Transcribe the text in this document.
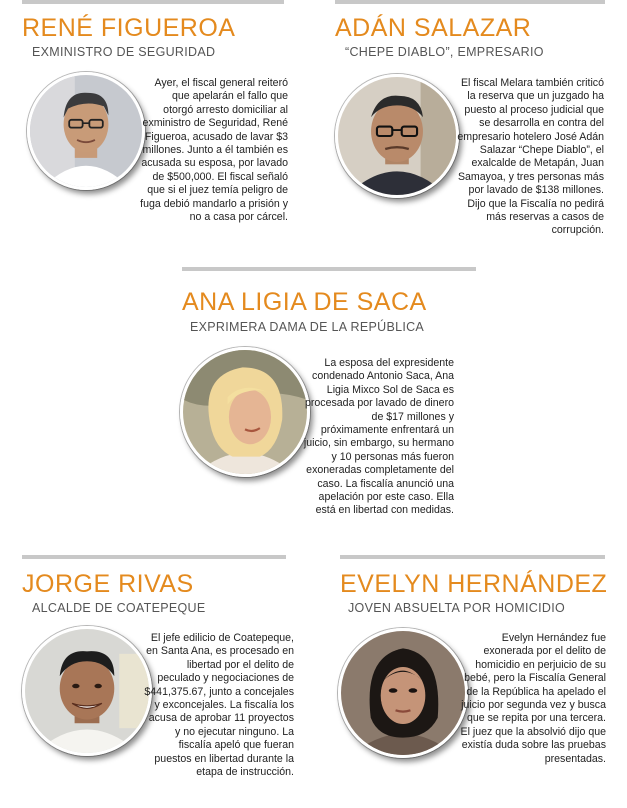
RENÉ FIGUEROA
EXMINISTRO DE SEGURIDAD
Ayer, el fiscal general reiteró que apelarán el fallo que otorgó arresto domiciliar al exministro de Seguridad, René Figueroa, acusado de lavar $3 millones. Junto a él también es acusada su esposa, por lavado de $500,000. El fiscal señaló que si el juez temía peligro de fuga debió mandarlo a prisión y no a casa por cárcel.
ADÁN SALAZAR
“CHEPE DIABLO”, EMPRESARIO
El fiscal Melara también criticó la reserva que un juzgado ha puesto al proceso judicial que se desarrolla en contra del empresario hotelero José Adán Salazar “Chepe Diablo”, el exalcalde de Metapán, Juan Samayoa, y tres personas más por lavado de $138 millones. Dijo que la Fiscalía no pedirá más reservas a casos de corrupción.
ANA LIGIA DE SACA
EXPRIMERA DAMA DE LA REPÚBLICA
La esposa del expresidente condenado Antonio Saca, Ana Ligia Mixco Sol de Saca es procesada por lavado de dinero de $17 millones y próximamente enfrentará un juicio, sin embargo, su hermano y 10 personas más fueron exoneradas completamente del caso. La fiscalía anunció una apelación por este caso. Ella está en libertad con medidas.
JORGE RIVAS
ALCALDE DE COATEPEQUE
El jefe edilicio de Coatepeque, en Santa Ana, es procesado en libertad por el delito de peculado y negociaciones de $441,375.67, junto a concejales y exconcejales. La fiscalía los acusa de aprobar 11 proyectos y no ejecutar ninguno. La fiscalía apeló que fueran puestos en libertad durante la etapa de instrucción.
EVELYN HERNÁNDEZ
JOVEN ABSUELTA POR HOMICIDIO
Evelyn Hernández fue exonerada por el delito de homicidio en perjuicio de su bebé, pero la Fiscalía General de la República ha apelado el juicio por segunda vez y busca que se repita por una tercera. El juez que la absolvió dijo que existía duda sobre las pruebas presentadas.
